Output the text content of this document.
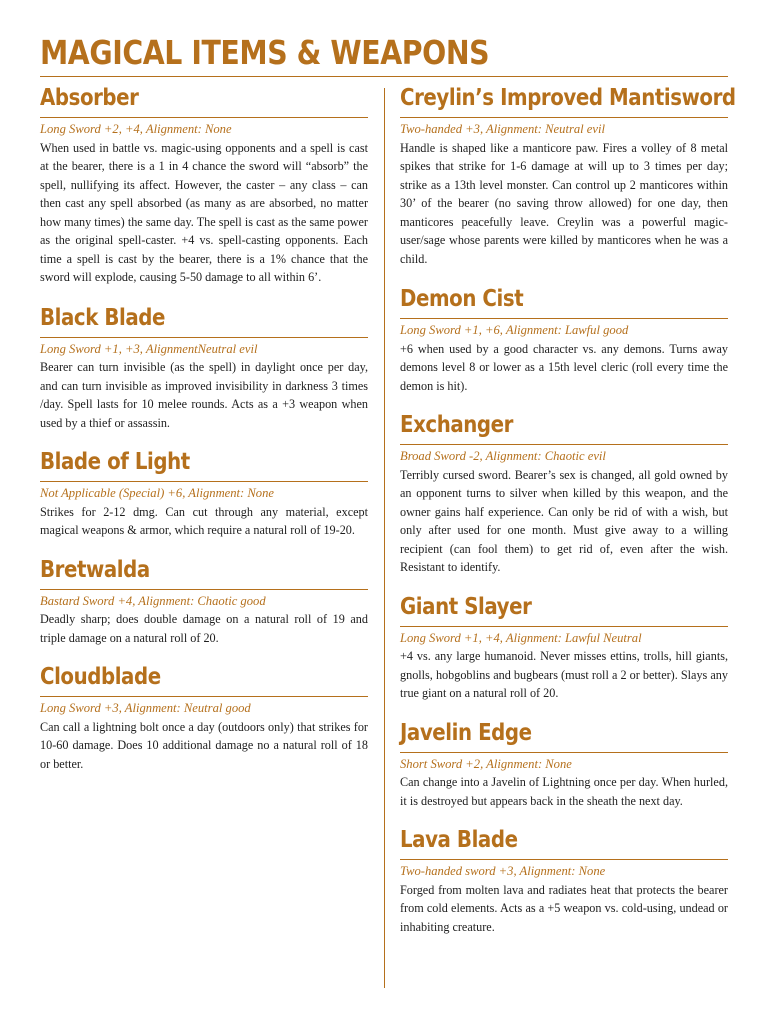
MAGICAL ITEMS & WEAPONS
Absorber

Long Sword +2, +4, Alignment: None

When used in battle vs. magic-using opponents and a spell is cast at the bearer, there is a 1 in 4 chance the sword will “absorb” the spell, nullifying its affect. However, the caster – any class – can then cast any spell absorbed (as many as are absorbed, no matter how many times) the same day. The spell is cast as the same power as the original spell-caster. +4 vs. spell-casting opponents. Each time a spell is cast by the bearer, there is a 1% chance that the sword will explode, causing 5-50 damage to all within 6’.

Black Blade

Long Sword +1, +3, AlignmentNeutral evil

Bearer can turn invisible (as the spell) in daylight once per day, and can turn invisible as improved invisibility in darkness 3 times /day. Spell lasts for 10 melee rounds. Acts as a +3 weapon when used by a thief or assassin.

Blade of Light

Not Applicable (Special) +6, Alignment: None

Strikes for 2-12 dmg. Can cut through any material, except magical weapons & armor, which require a natural roll of 19-20.

Bretwalda

Bastard Sword +4, Alignment: Chaotic good

Deadly sharp; does double damage on a natural roll of 19 and triple damage on a natural roll of 20.

Cloudblade

Long Sword +3, Alignment: Neutral good

Can call a lightning bolt once a day (outdoors only) that strikes for 10-60 damage. Does 10 additional damage no a natural roll of 18 or better.

Creylin’s Improved Mantisword

Two-handed +3, Alignment: Neutral evil

Handle is shaped like a manticore paw. Fires a volley of 8 metal spikes that strike for 1-6 damage at will up to 3 times per day; strike as a 13th level monster. Can control up 2 manticores within 30’ of the bearer (no saving throw allowed) for one day, then manticores peacefully leave. Creylin was a powerful magic-user/sage whose parents were killed by manticores when he was a child.

Demon Cist

Long Sword +1, +6, Alignment: Lawful good

+6 when used by a good character vs. any demons. Turns away demons level 8 or lower as a 15th level cleric (roll every time the demon is hit).

Exchanger

Broad Sword -2, Alignment: Chaotic evil

Terribly cursed sword. Bearer’s sex is changed, all gold owned by an opponent turns to silver when killed by this weapon, and the owner gains half experience. Can only be rid of with a wish, but only after used for one month. Must give away to a willing recipient (can fool them) to get rid of, even after the wish. Resistant to identify.

Giant Slayer

Long Sword +1, +4, Alignment: Lawful Neutral

+4 vs. any large humanoid. Never misses ettins, trolls, hill giants, gnolls, hobgoblins and bugbears (must roll a 2 or better). Slays any true giant on a natural roll of 20.

Javelin Edge

Short Sword +2, Alignment: None

Can change into a Javelin of Lightning once per day. When hurled, it is destroyed but appears back in the sheath the next day.

Lava Blade

Two-handed sword +3, Alignment: None

Forged from molten lava and radiates heat that protects the bearer from cold elements. Acts as a +5 weapon vs. cold-using, undead or inhabiting creature.
